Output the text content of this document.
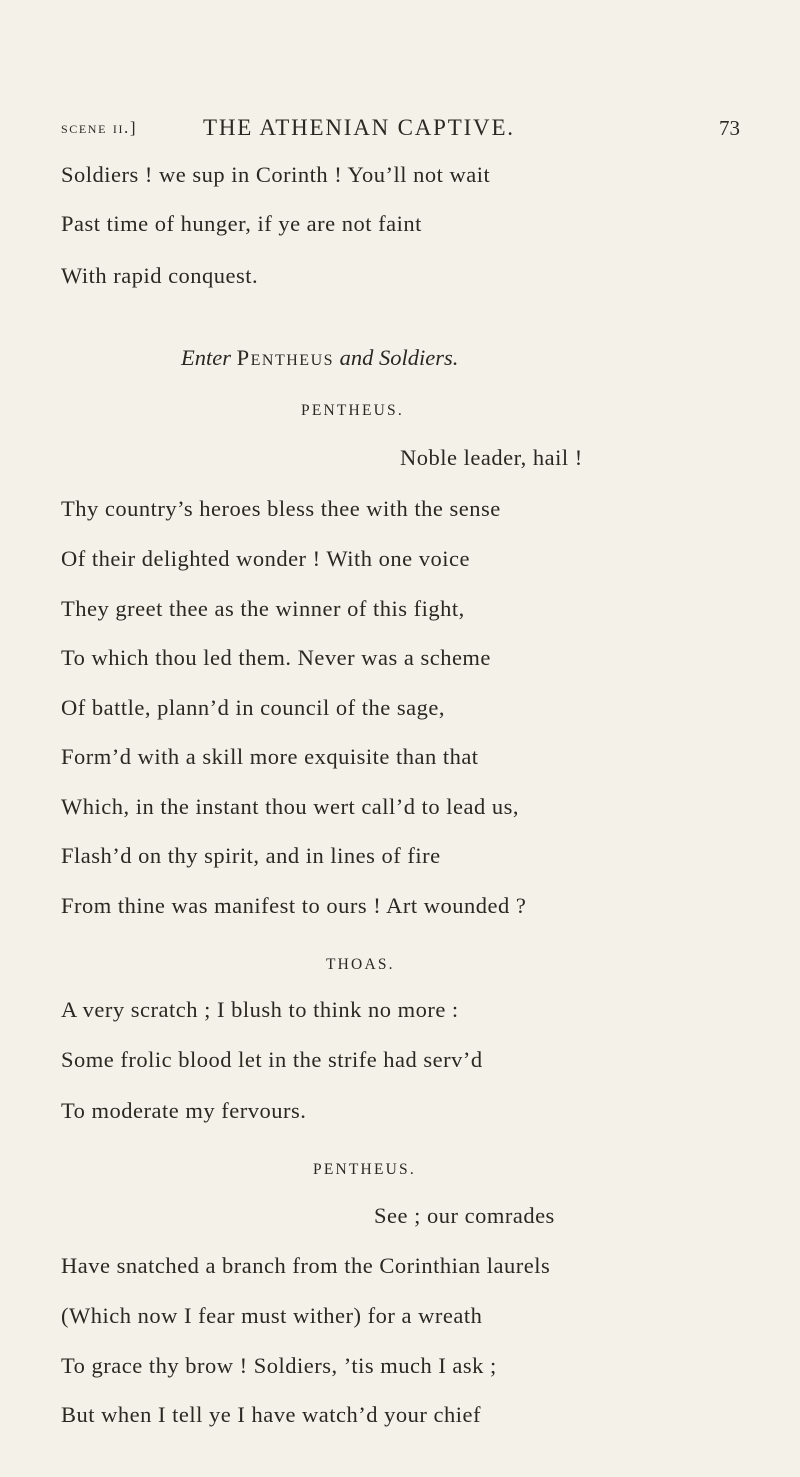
scene ii.]	THE ATHENIAN CAPTIVE.	73
Soldiers ! we sup in Corinth ! You’ll not wait
Past time of hunger, if ye are not faint
With rapid conquest.
Enter Pentheus and Soldiers.
PENTHEUS.
Noble leader, hail !
Thy country’s heroes bless thee with the sense
Of their delighted wonder ! With one voice
They greet thee as the winner of this fight,
To which thou led them. Never was a scheme
Of battle, plann’d in council of the sage,
Form’d with a skill more exquisite than that
Which, in the instant thou wert call’d to lead us,
Flash’d on thy spirit, and in lines of fire
From thine was manifest to ours ! Art wounded ?
THOAS.
A very scratch ; I blush to think no more :
Some frolic blood let in the strife had serv’d
To moderate my fervours.
PENTHEUS.
See ; our comrades
Have snatched a branch from the Corinthian laurels
(Which now I fear must wither) for a wreath
To grace thy brow ! Soldiers, ’tis much I ask ;
But when I tell ye I have watch’d your chief
